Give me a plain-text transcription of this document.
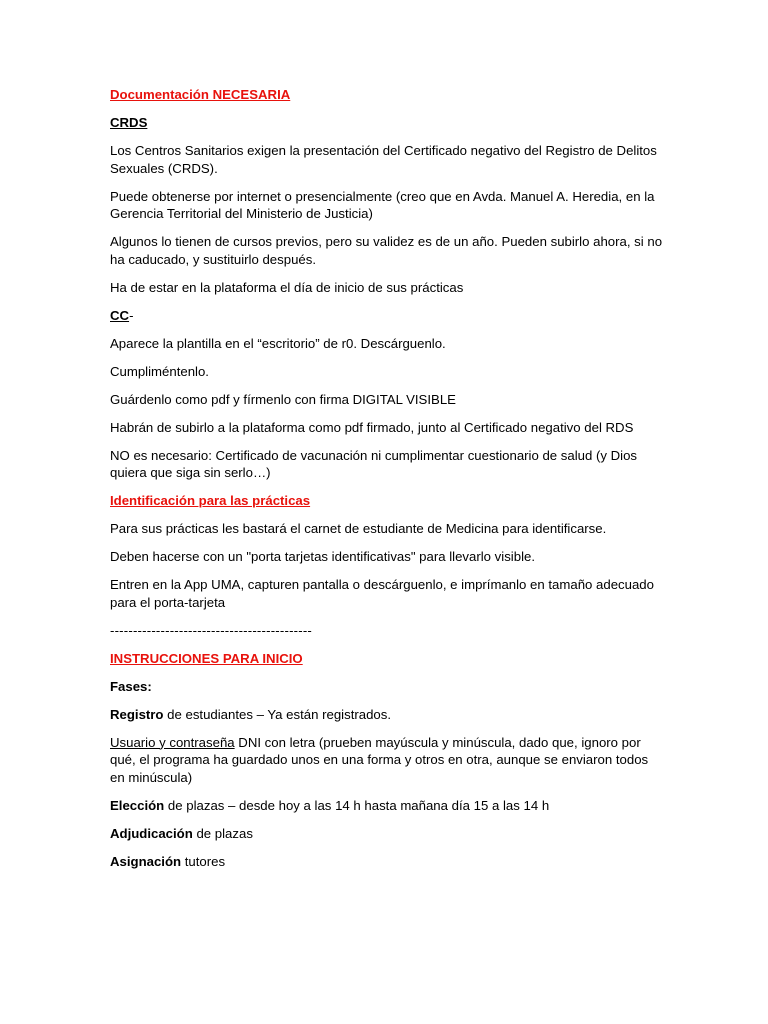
Documentación NECESARIA

CRDS

Los Centros Sanitarios exigen la presentación del Certificado negativo del Registro de Delitos Sexuales (CRDS).

Puede obtenerse por internet o presencialmente (creo que en Avda. Manuel A. Heredia, en la Gerencia Territorial del Ministerio de Justicia)

Algunos lo tienen de cursos previos, pero su validez es de un año. Pueden subirlo ahora, si no ha caducado, y sustituirlo después.

Ha de estar en la plataforma el día de inicio de sus prácticas

CC-

Aparece la plantilla en el “escritorio” de r0. Descárguenlo.

Cumpliméntenlo.

Guárdenlo como pdf y fírmenlo con firma DIGITAL VISIBLE

Habrán de subirlo a la plataforma como pdf firmado, junto al Certificado negativo del RDS

NO es necesario: Certificado de vacunación ni cumplimentar cuestionario de salud (y Dios quiera que siga sin serlo…)

Identificación para las prácticas

Para sus prácticas les bastará el carnet de estudiante de Medicina para identificarse.

Deben hacerse con un "porta tarjetas identificativas" para llevarlo visible.

Entren en la App UMA, capturen pantalla o descárguenlo, e imprímanlo en tamaño adecuado para el porta-tarjeta

--------------------------------------------

INSTRUCCIONES PARA INICIO

Fases:

Registro de estudiantes – Ya están registrados.

Usuario y contraseña DNI con letra (prueben mayúscula y minúscula, dado que, ignoro por qué, el programa ha guardado unos en una forma y otros en otra, aunque se enviaron todos en minúscula)

Elección de plazas – desde hoy a las 14 h hasta mañana día 15 a las 14 h

Adjudicación de plazas

Asignación tutores
